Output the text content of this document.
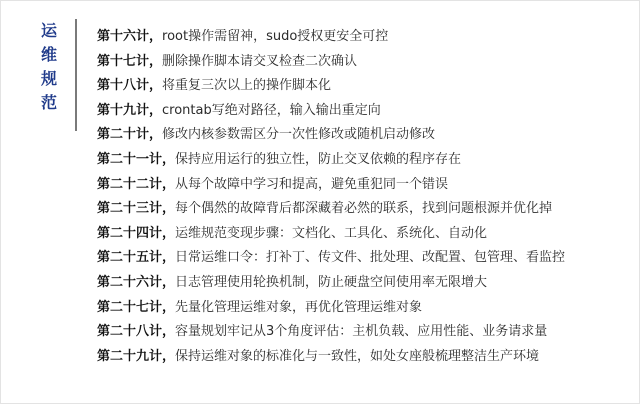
运
维
规
范
第十六计，root操作需留神，sudo授权更安全可控
第十七计，删除操作脚本请交叉检查二次确认
第十八计，将重复三次以上的操作脚本化
第十九计，crontab写绝对路径，输入输出重定向
第二十计，修改内核参数需区分一次性修改或随机启动修改
第二十一计，保持应用运行的独立性，防止交叉依赖的程序存在
第二十二计，从每个故障中学习和提高，避免重犯同一个错误
第二十三计，每个偶然的故障背后都深藏着必然的联系，找到问题根源并优化掉
第二十四计，运维规范变现步骤：文档化、工具化、系统化、自动化
第二十五计，日常运维口令：打补丁、传文件、批处理、改配置、包管理、看监控
第二十六计，日志管理使用轮换机制，防止硬盘空间使用率无限增大
第二十七计，先量化管理运维对象，再优化管理运维对象
第二十八计，容量规划牢记从3个角度评估：主机负载、应用性能、业务请求量
第二十九计，保持运维对象的标准化与一致性，如处女座般梳理整洁生产环境
